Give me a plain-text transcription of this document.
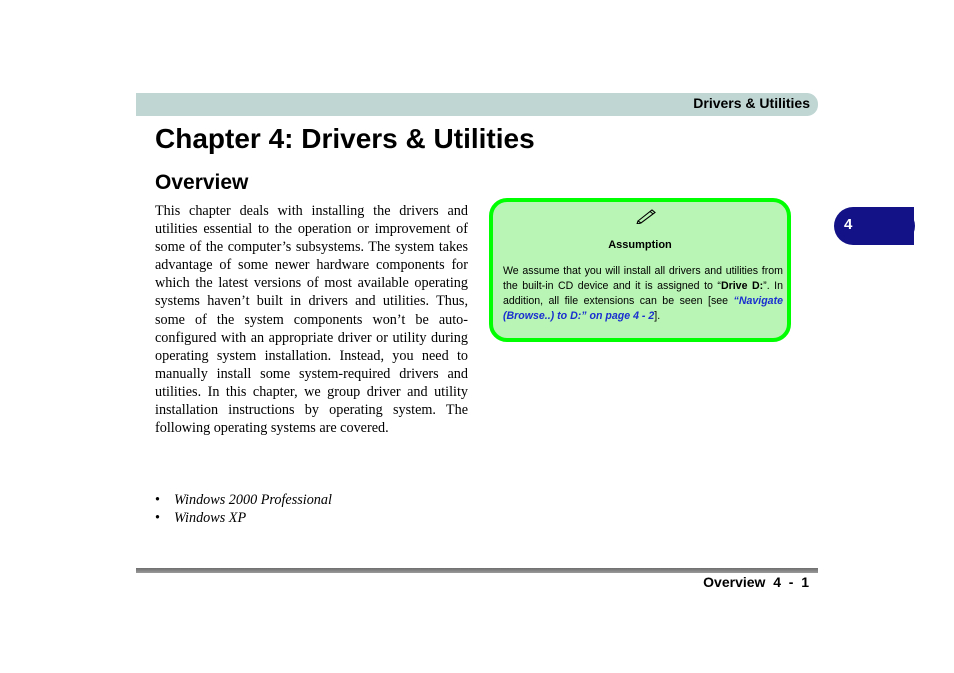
Drivers & Utilities
Chapter 4: Drivers & Utilities
Overview

This chapter deals with installing the drivers and utilities essential to the operation or improvement of some of the computer’s subsystems. The system takes advantage of some newer hardware components for which the latest versions of most available operating systems haven’t built in drivers and utilities. Thus, some of the system components won’t be auto-configured with an appropriate driver or utility during operating system installation. Instead, you need to manually install some system-required drivers and utilities. In this chapter, we group driver and utility installation instructions by operating system. The following operating systems are covered.

• Windows 2000 Professional
• Windows XP
Assumption

We assume that you will install all drivers and utilities from the built-in CD device and it is assigned to “Drive D:”. In addition, all file extensions can be seen [see “Navigate (Browse..) to D:” on page 4 - 2].

4
Overview  4  -  1
